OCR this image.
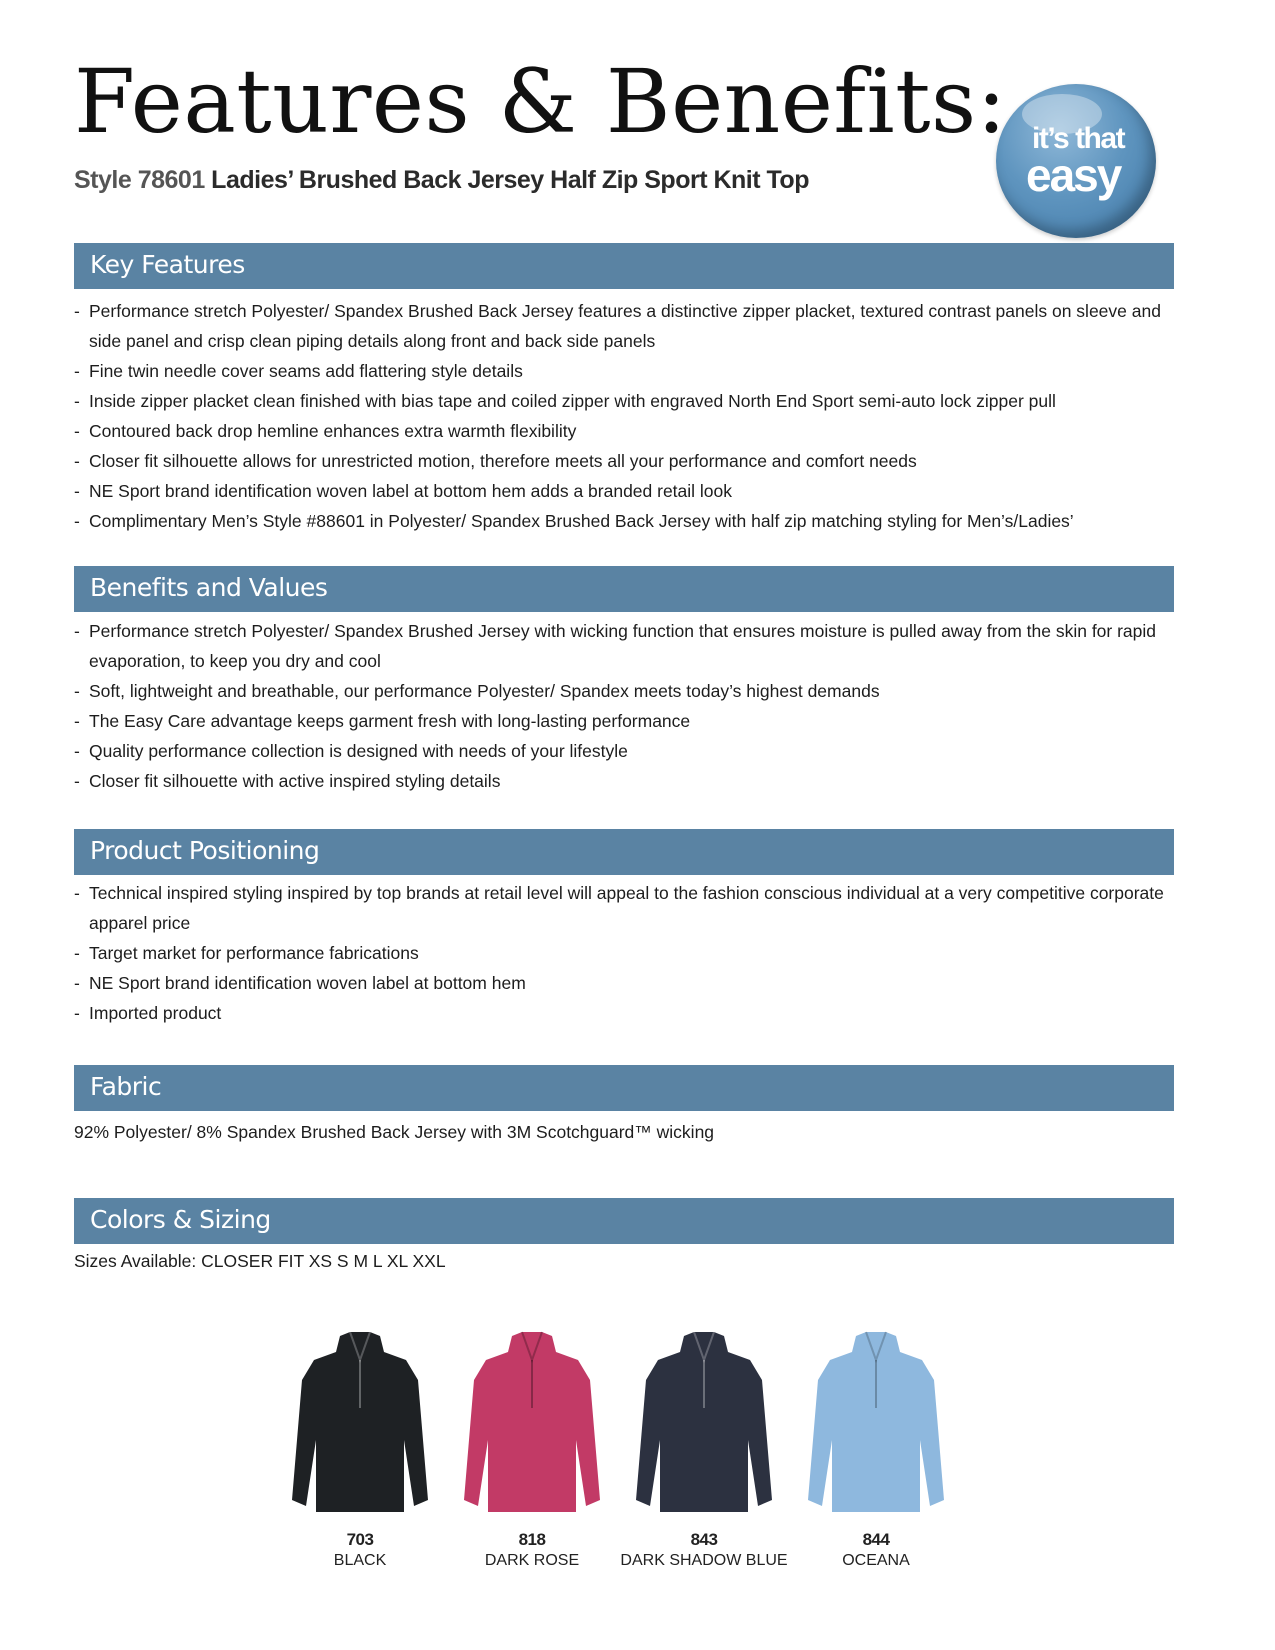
Features & Benefits:
Style 78601 Ladies’ Brushed Back Jersey Half Zip Sport Knit Top
it’s that
easy
Key Features
- Performance stretch Polyester/ Spandex Brushed Back Jersey features a distinctive zipper placket, textured contrast panels on sleeve and side panel and crisp clean piping details along front and back side panels
- Fine twin needle cover seams add flattering style details
- Inside zipper placket clean finished with bias tape and coiled zipper with engraved North End Sport semi-auto lock zipper pull
- Contoured back drop hemline enhances extra warmth flexibility
- Closer fit silhouette allows for unrestricted motion, therefore meets all your performance and comfort needs
- NE Sport brand identification woven label at bottom hem adds a branded retail look
- Complimentary Men’s Style #88601 in Polyester/ Spandex Brushed Back Jersey with half zip matching styling for Men’s/Ladies’
Benefits and Values
- Performance stretch Polyester/ Spandex Brushed Jersey with wicking function that ensures moisture is pulled away from the skin for rapid evaporation, to keep you dry and cool
- Soft, lightweight and breathable, our performance Polyester/ Spandex meets today’s highest demands
- The Easy Care advantage keeps garment fresh with long-lasting performance
- Quality performance collection is designed with needs of your lifestyle
- Closer fit silhouette with active inspired styling details
Product Positioning
- Technical inspired styling inspired by top brands at retail level will appeal to the fashion conscious individual at a very competitive corporate apparel price
- Target market for performance fabrications
- NE Sport brand identification woven label at bottom hem
- Imported product
Fabric
92% Polyester/ 8% Spandex Brushed Back Jersey with 3M Scotchguard™ wicking
Colors & Sizing
Sizes Available: CLOSER FIT XS S M L XL XXL
703
BLACK
818
DARK ROSE
843
DARK SHADOW BLUE
844
OCEANA
